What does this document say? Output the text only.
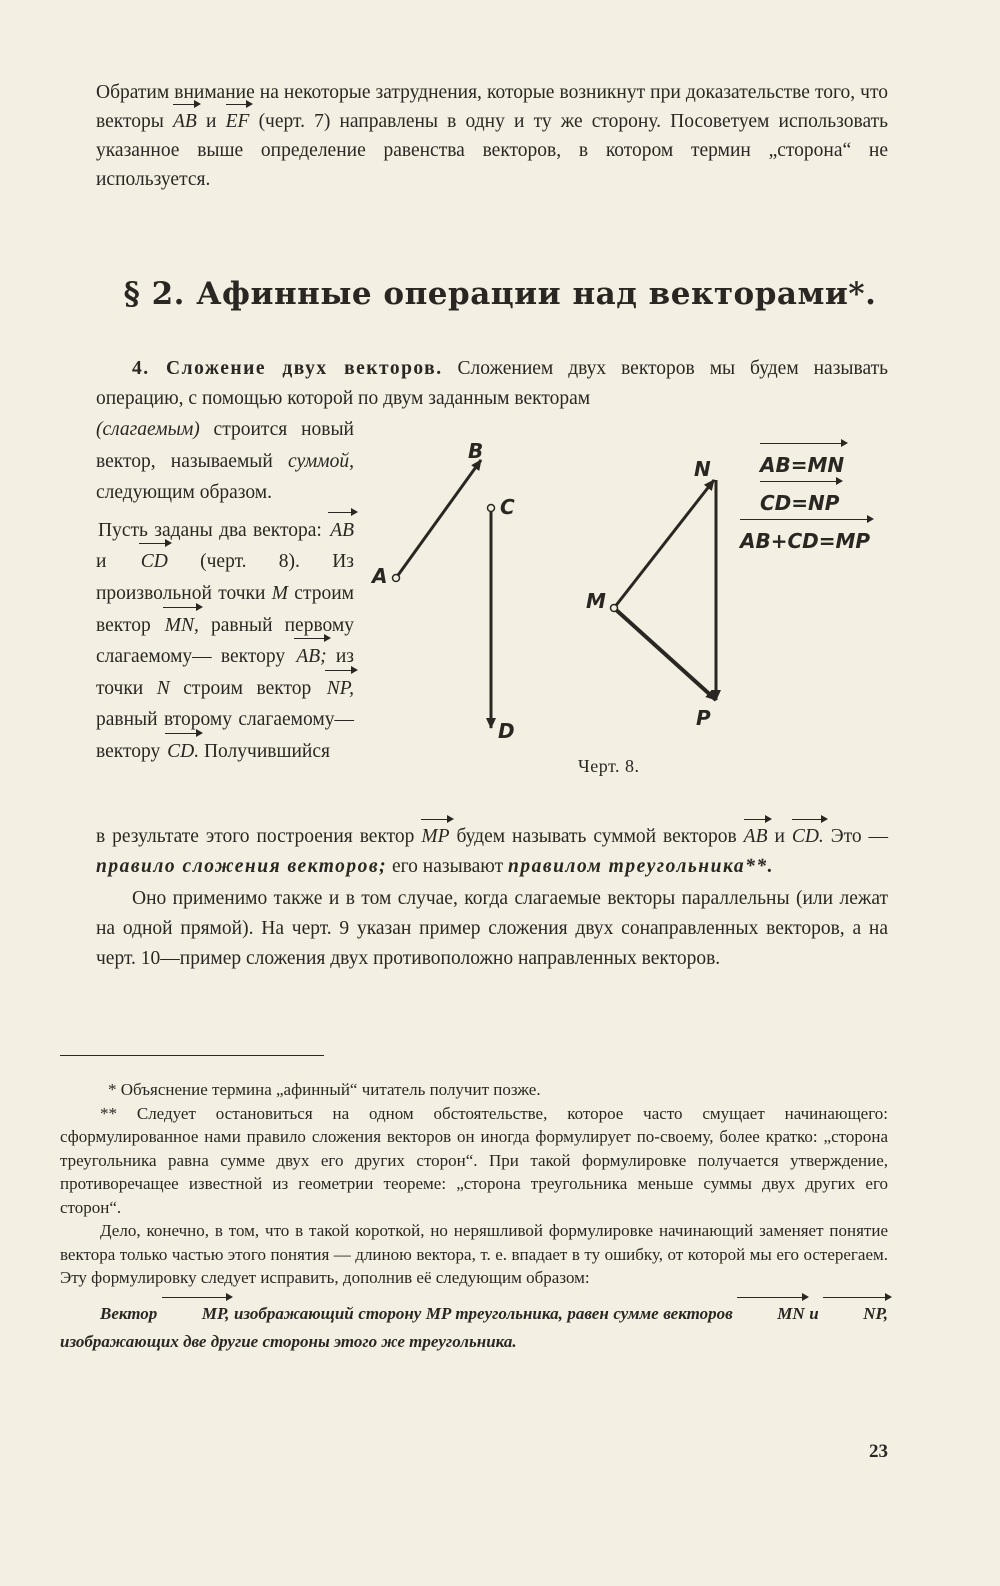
Обратим внимание на некоторые затруднения, которые возникнут при доказательстве того, что векторы AB и EF (черт. 7) направлены в одну и ту же сторону. Посоветуем использовать указанное выше определение равенства векторов, в котором термин „сторона“ не используется.

§ 2. Афинные операции над векторами*.

4. Сложение двух векторов. Сложением двух векторов мы будем называть операцию, с помощью которой по двум заданным векторам

(слагаемым) строится новый вектор, называемый суммой, следующим образом.

Пусть заданы два вектора: AB и CD (черт. 8). Из произвольной точки M строим вектор MN, равный первому слагаемому— вектору AB; из точки N строим вектор NP, равный второму слагаемому—вектору CD. Получившийся

в результате этого построения вектор MP будем называть суммой векторов AB и CD. Это — правило сложения векторов; его называют правилом треугольника**.

Оно применимо также и в том случае, когда слагаемые векторы параллельны (или лежат на одной прямой). На черт. 9 указан пример сложения двух сонаправленных векторов, а на черт. 10—пример сложения двух противоположно направленных векторов.

A
B
C
D
M
N
P
AB=MN
CD=NP
AB+CD=MP
Черт. 8.

* Объяснение термина „афинный“ читатель получит позже.

** Следует остановиться на одном обстоятельстве, которое часто смущает начинающего: сформулированное нами правило сложения векторов он иногда формулирует по-своему, более кратко: „сторона треугольника равна сумме двух его других сторон“. При такой формулировке получается утверждение, противоречащее известной из геометрии теореме: „сторона треугольника меньше суммы двух других его сторон“.

Дело, конечно, в том, что в такой короткой, но неряшливой формулировке начинающий заменяет понятие вектора только частью этого понятия — длиною вектора, т. е. впадает в ту ошибку, от которой мы его остерегаем. Эту формулировку следует исправить, дополнив её следующим образом:

Вектор	MP, изображающий сторону MP треугольника, равен сумме векторов	MN и	NP, изображающих две другие стороны этого же треугольника.

23
